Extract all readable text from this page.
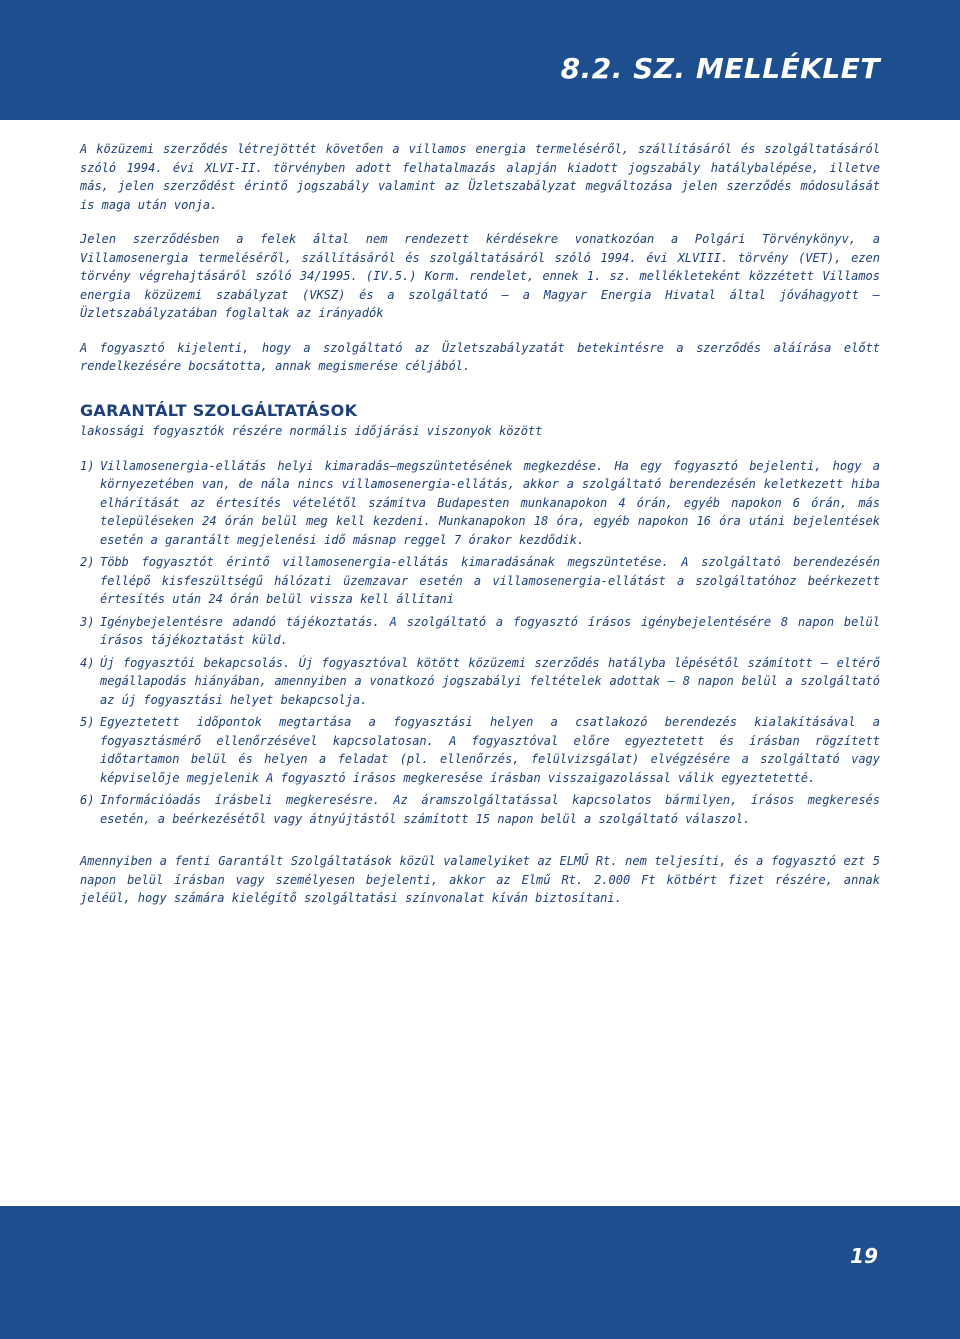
8.2. SZ. MELLÉKLET

A közüzemi szerződés létrejöttét követően a villamos energia termeléséről, szállításáról és szolgáltatásáról szóló 1994. évi XLVI-II. törvényben adott felhatalmazás alapján kiadott jogszabály hatálybalépése, illetve más, jelen szerződést érintő jogszabály valamint az Üzletszabályzat megváltozása jelen szerződés módosulását is maga után vonja.

Jelen szerződésben a felek által nem rendezett kérdésekre vonatkozóan a Polgári Törvénykönyv, a Villamosenergia termeléséről, szállításáról és szolgáltatásáról szóló 1994. évi XLVIII. törvény (VET), ezen törvény végrehajtásáról szóló 34/1995. (IV.5.) Korm. rendelet, ennek 1. sz. mellékleteként közzétett Villamos energia közüzemi szabályzat (VKSZ) és a szolgáltató – a Magyar Energia Hivatal által jóváhagyott – Üzletszabályzatában foglaltak az irányadók

A fogyasztó kijelenti, hogy a szolgáltató az Üzletszabályzatát betekintésre a szerződés aláírása előtt rendelkezésére bocsátotta, annak megismerése céljából.

GARANTÁLT SZOLGÁLTATÁSOK
lakossági fogyasztók részére normális időjárási viszonyok között
1) Villamosenergia-ellátás helyi kimaradás–megszüntetésének megkezdése. Ha egy fogyasztó bejelenti, hogy a környezetében van, de nála nincs villamosenergia-ellátás, akkor a szolgáltató berendezésén keletkezett hiba elhárítását az értesítés vételétől számítva Budapesten munkanapokon 4 órán, egyéb napokon 6 órán, más településeken 24 órán belül meg kell kezdeni. Munkanapokon 18 óra, egyéb napokon 16 óra utáni bejelentések esetén a garantált megjelenési idő másnap reggel 7 órakor kezdődik.
2) Több fogyasztót érintő villamosenergia-ellátás kimaradásának megszüntetése. A szolgáltató berendezésén fellépő kisfeszültségű hálózati üzemzavar esetén a villamosenergia-ellátást a szolgáltatóhoz beérkezett értesítés után 24 órán belül vissza kell állítani
3) Igénybejelentésre adandó tájékoztatás. A szolgáltató a fogyasztó írásos igénybejelentésére 8 napon belül írásos tájékoztatást küld.
4) Új fogyasztói bekapcsolás. Új fogyasztóval kötött közüzemi szerződés hatályba lépésétől számított – eltérő megállapodás hiányában, amennyiben a vonatkozó jogszabályi feltételek adottak – 8 napon belül a szolgáltató az új fogyasztási helyet bekapcsolja.
5) Egyeztetett időpontok megtartása a fogyasztási helyen a csatlakozó berendezés kialakításával a fogyasztásmérő ellenőrzésével kapcsolatosan. A fogyasztóval előre egyeztetett és írásban rögzített időtartamon belül és helyen a feladat (pl. ellenőrzés, felülvizsgálat) elvégzésére a szolgáltató vagy képviselője megjelenik A fogyasztó írásos megkeresése írásban visszaigazolással válik egyeztetetté.
6) Információadás írásbeli megkeresésre. Az áramszolgáltatással kapcsolatos bármilyen, írásos megkeresés esetén, a beérkezésétől vagy átnyújtástól számított 15 napon belül a szolgáltató válaszol.

Amennyiben a fenti Garantált Szolgáltatások közül valamelyiket az ELMŰ Rt. nem teljesíti, és a fogyasztó ezt 5 napon belül írásban vagy személyesen bejelenti, akkor az Elmű Rt. 2.000 Ft kötbért fizet részére, annak jeléül, hogy számára kielégítő szolgáltatási színvonalat kíván biztosítani.

19
